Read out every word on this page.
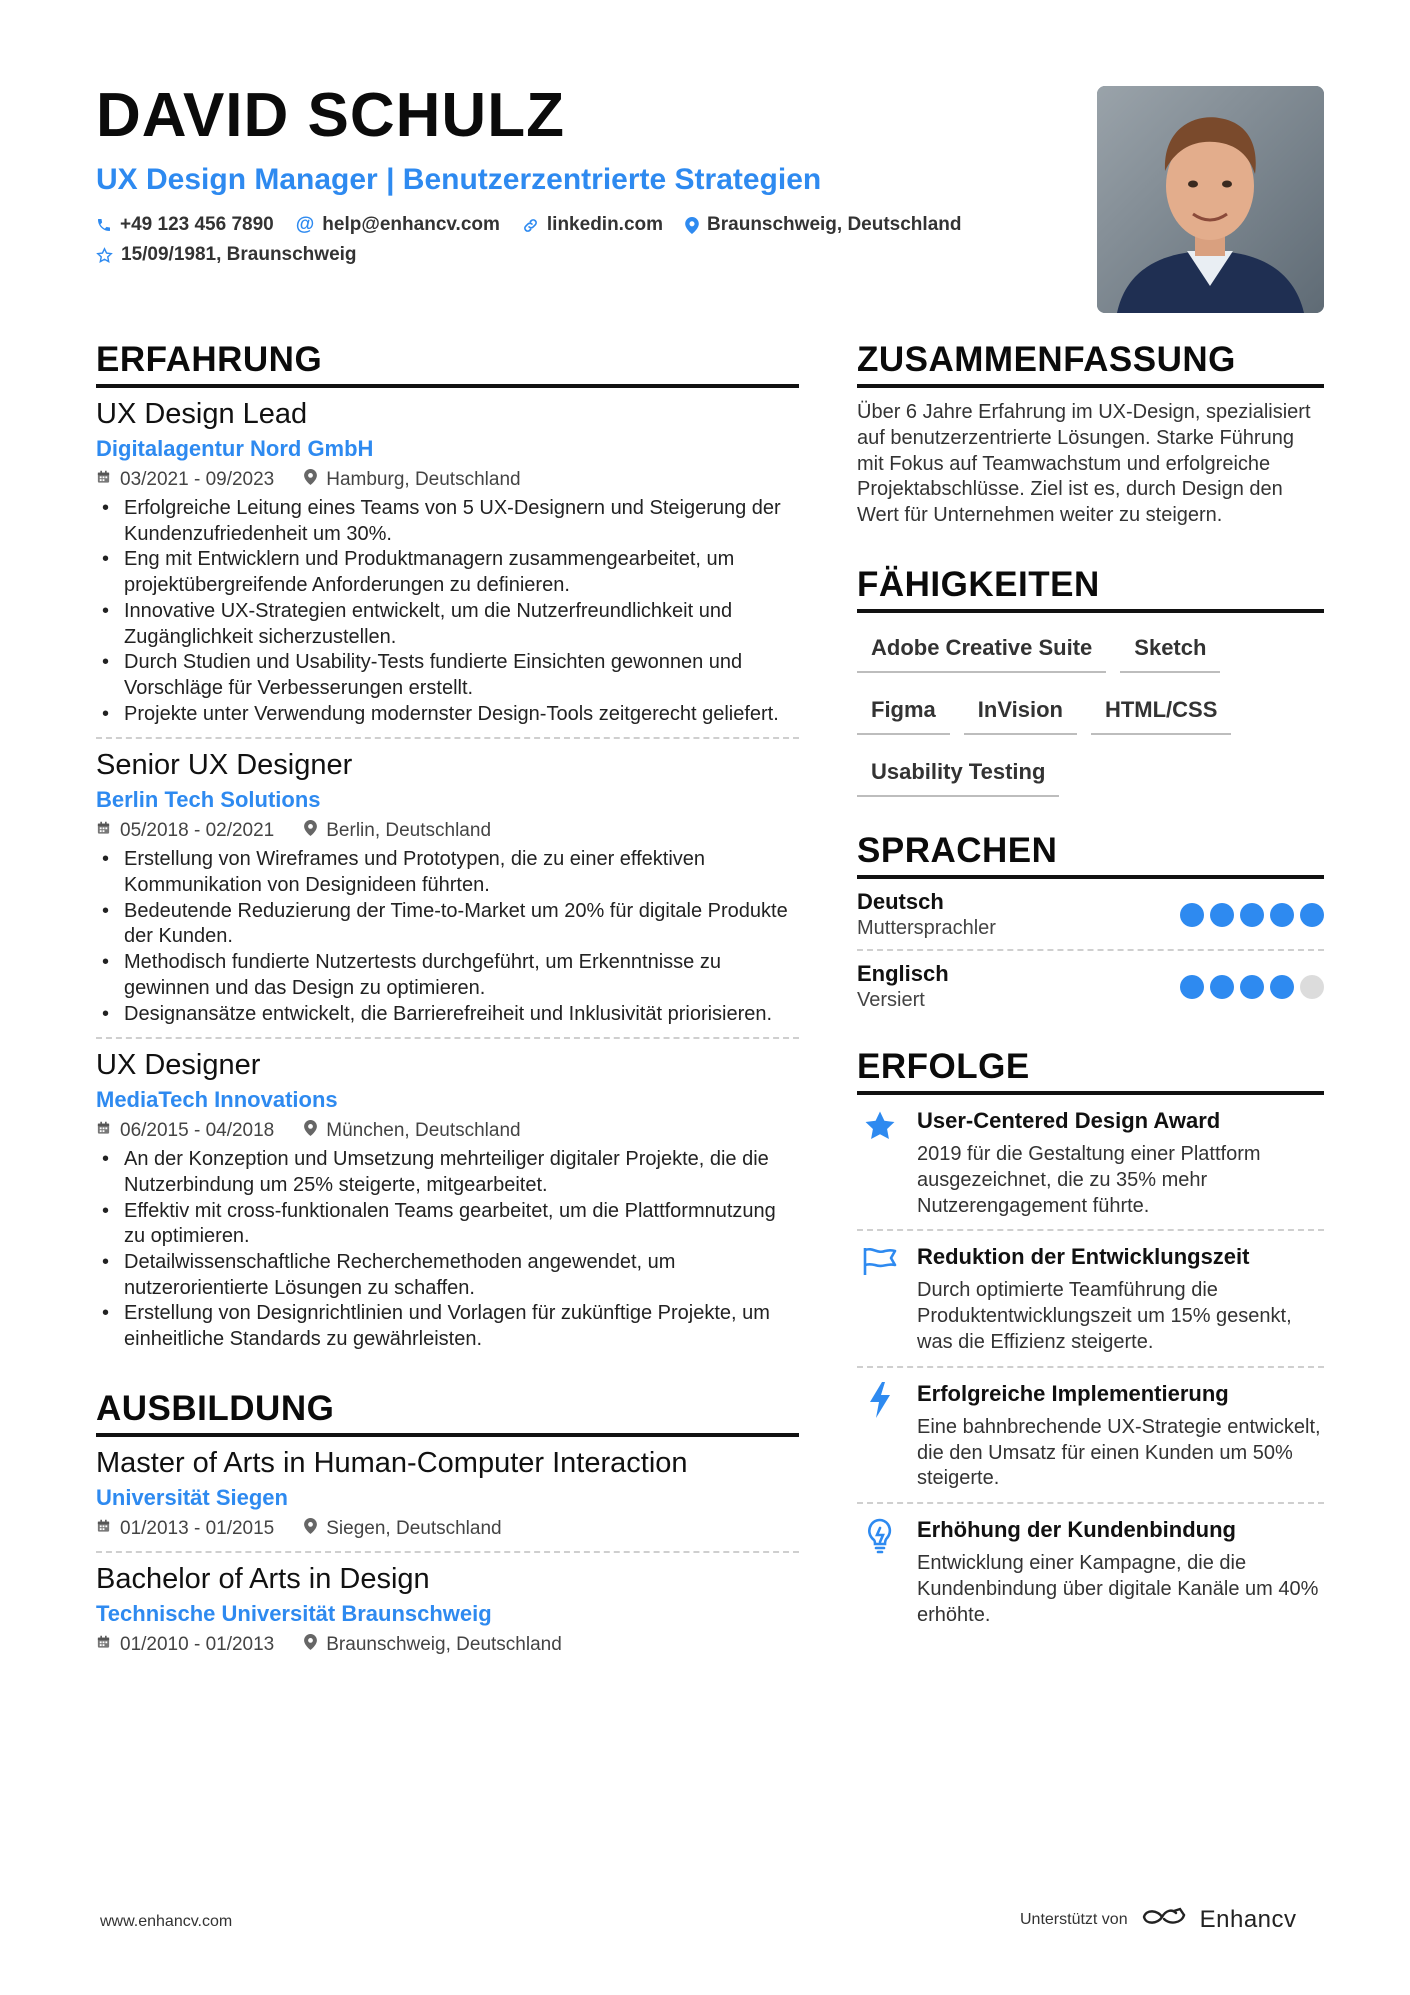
DAVID SCHULZ
UX Design Manager | Benutzerzentrierte Strategien
+49 123 456 7890 @ help@enhancv.com linkedin.com Braunschweig, Deutschland
15/09/1981, Braunschweig
ERFAHRUNG
UX Design Lead
Digitalagentur Nord GmbH
03/2021 - 09/2023	Hamburg, Deutschland
• Erfolgreiche Leitung eines Teams von 5 UX-Designern und Steigerung der Kundenzufriedenheit um 30%.
• Eng mit Entwicklern und Produktmanagern zusammengearbeitet, um projektübergreifende Anforderungen zu definieren.
• Innovative UX-Strategien entwickelt, um die Nutzerfreundlichkeit und Zugänglichkeit sicherzustellen.
• Durch Studien und Usability-Tests fundierte Einsichten gewonnen und Vorschläge für Verbesserungen erstellt.
• Projekte unter Verwendung modernster Design-Tools zeitgerecht geliefert.
Senior UX Designer
Berlin Tech Solutions
05/2018 - 02/2021	Berlin, Deutschland
• Erstellung von Wireframes und Prototypen, die zu einer effektiven Kommunikation von Designideen führten.
• Bedeutende Reduzierung der Time-to-Market um 20% für digitale Produkte der Kunden.
• Methodisch fundierte Nutzertests durchgeführt, um Erkenntnisse zu gewinnen und das Design zu optimieren.
• Designansätze entwickelt, die Barrierefreiheit und Inklusivität priorisieren.
UX Designer
MediaTech Innovations
06/2015 - 04/2018	München, Deutschland
• An der Konzeption und Umsetzung mehrteiliger digitaler Projekte, die die Nutzerbindung um 25% steigerte, mitgearbeitet.
• Effektiv mit cross-funktionalen Teams gearbeitet, um die Plattformnutzung zu optimieren.
• Detailwissenschaftliche Recherchemethoden angewendet, um nutzerorientierte Lösungen zu schaffen.
• Erstellung von Designrichtlinien und Vorlagen für zukünftige Projekte, um einheitliche Standards zu gewährleisten.
AUSBILDUNG
Master of Arts in Human-Computer Interaction
Universität Siegen
01/2013 - 01/2015	Siegen, Deutschland
Bachelor of Arts in Design
Technische Universität Braunschweig
01/2010 - 01/2013	Braunschweig, Deutschland
ZUSAMMENFASSUNG
Über 6 Jahre Erfahrung im UX-Design, spezialisiert auf benutzerzentrierte Lösungen. Starke Führung mit Fokus auf Teamwachstum und erfolgreiche Projektabschlüsse. Ziel ist es, durch Design den Wert für Unternehmen weiter zu steigern.
FÄHIGKEITEN
Adobe Creative Suite	Sketch
Figma	InVision	HTML/CSS
Usability Testing
SPRACHEN
Deutsch
Muttersprachler
Englisch
Versiert
ERFOLGE
User-Centered Design Award
2019 für die Gestaltung einer Plattform ausgezeichnet, die zu 35% mehr Nutzerengagement führte.
Reduktion der Entwicklungszeit
Durch optimierte Teamführung die Produktentwicklungszeit um 15% gesenkt, was die Effizienz steigerte.
Erfolgreiche Implementierung
Eine bahnbrechende UX-Strategie entwickelt, die den Umsatz für einen Kunden um 50% steigerte.
Erhöhung der Kundenbindung
Entwicklung einer Kampagne, die die Kundenbindung über digitale Kanäle um 40% erhöhte.
www.enhancv.com	Unterstützt von	Enhancv
